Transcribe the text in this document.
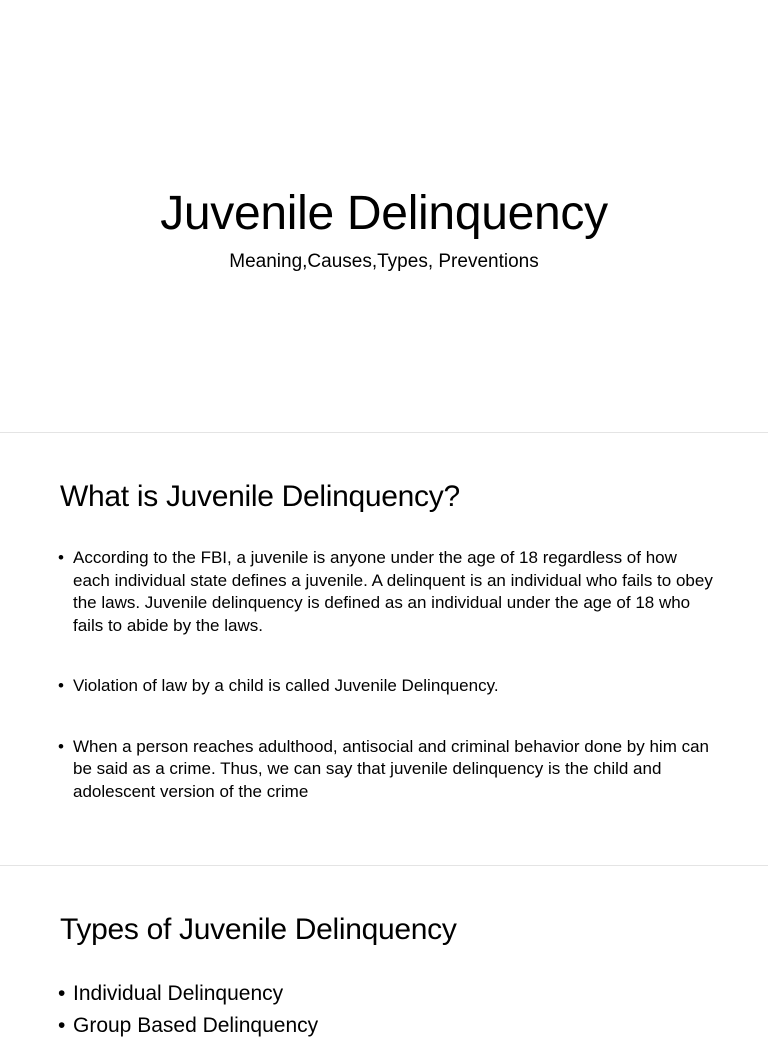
Juvenile Delinquency
Meaning,Causes,Types, Preventions
What is Juvenile Delinquency?
• According to the FBI, a juvenile is anyone under the age of 18 regardless of how each individual state defines a juvenile. A delinquent is an individual who fails to obey the laws. Juvenile delinquency is defined as an individual under the age of 18 who fails to abide by the laws.
• Violation of law by a child is called Juvenile Delinquency.
• When a person reaches adulthood, antisocial and criminal behavior done by him can be said as a crime. Thus, we can say that juvenile delinquency is the child and adolescent version of the crime
Types of Juvenile Delinquency
• Individual Delinquency
• Group Based Delinquency
